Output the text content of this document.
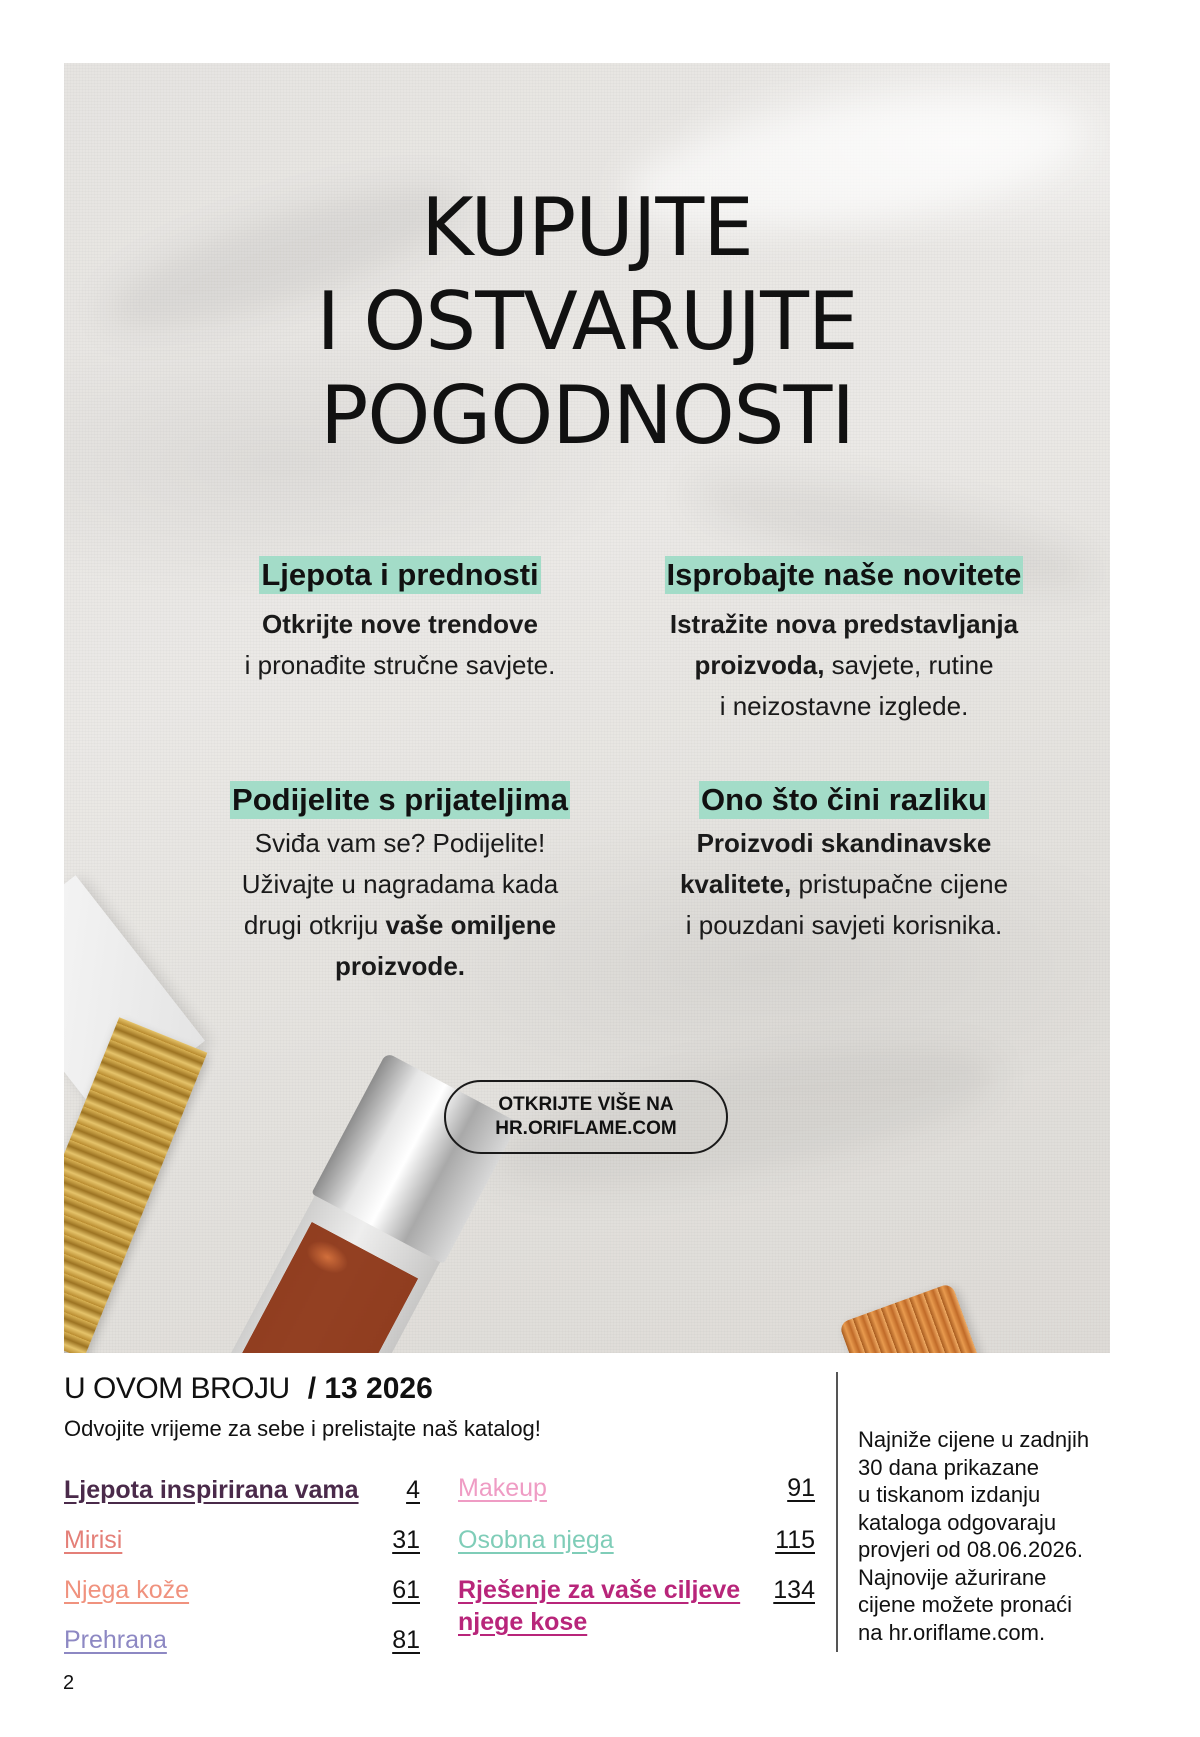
KUPUJTE
I OSTVARUJTE
POGODNOSTI
Ljepota i prednosti
Otkrijte nove trendove
i pronađite stručne savjete.
Isprobajte naše novitete
Istražite nova predstavljanja
proizvoda, savjete, rutine
i neizostavne izglede.
Podijelite s prijateljima
Sviđa vam se? Podijelite!
Uživajte u nagradama kada
drugi otkriju vaše omiljene
proizvode.
Ono što čini razliku
Proizvodi skandinavske
kvalitete, pristupačne cijene
i pouzdani savjeti korisnika.
OTKRIJTE VIŠE NA
HR.ORIFLAME.COM
U OVOM BROJU / 13 2026
Odvojite vrijeme za sebe i prelistajte naš katalog!
Ljepota inspirirana vama	4
Mirisi	31
Njega kože	61
Prehrana	81
Makeup	91
Osobna njega	115
Rješenje za vaše ciljeve
njege kose
134
Najniže cijene u zadnjih
30 dana prikazane
u tiskanom izdanju
kataloga odgovaraju
provjeri od 08.06.2026.
Najnovije ažurirane
cijene možete pronaći
na hr.oriflame.com.
2
